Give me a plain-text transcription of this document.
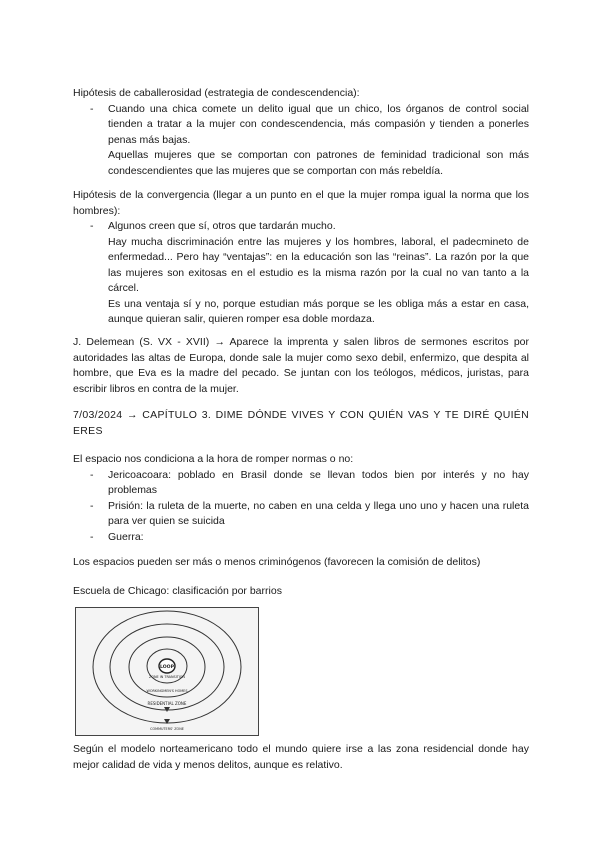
Hipótesis de caballerosidad (estrategia de condescendencia):

- Cuando una chica comete un delito igual que un chico, los órganos de control social tienden a tratar a la mujer con condescendencia, más compasión y tienden a ponerles penas más bajas.

Aquellas mujeres que se comportan con patrones de feminidad tradicional son más condescendientes que las mujeres que se comportan con más rebeldía.

Hipótesis de la convergencia (llegar a un punto en el que la mujer rompa igual la norma que los hombres):

- Algunos creen que sí, otros que tardarán mucho.

Hay mucha discriminación entre las mujeres y los hombres, laboral, el padecmineto de enfermedad... Pero hay “ventajas”: en la educación son las “reinas”. La razón por la que las mujeres son exitosas en el estudio es la misma razón por la cual no van tanto a la cárcel.

Es una ventaja sí y no, porque estudian más porque se les obliga más a estar en casa, aunque quieran salir, quieren romper esa doble mordaza.

J. Delemean (S. VX - XVII) → Aparece la imprenta y salen libros de sermones escritos por autoridades las altas de Europa, donde sale la mujer como sexo debil, enfermizo, que despita al hombre, que Eva es la madre del pecado. Se juntan con los teólogos, médicos, juristas, para escribir libros en contra de la mujer.

7/03/2024 → CAPÍTULO 3. DIME DÓNDE VIVES Y CON QUIÉN VAS Y TE DIRÉ QUIÉN ERES

El espacio nos condiciona a la hora de romper normas o no:

- Jericoacoara: poblado en Brasil donde se llevan todos bien por interés y no hay problemas

- Prisión: la ruleta de la muerte, no caben en una celda y llega uno uno y hacen una ruleta para ver quien se suicida

- Guerra:

Los espacios pueden ser más o menos criminógenos (favorecen la comisión de delitos)

Escuela de Chicago: clasificación por barrios

LOOP
ZONE IN TRANSITION
WORKINGMEN'S HOMES
RESIDENTIAL ZONE
COMMUTERS' ZONE

Según el modelo norteamericano todo el mundo quiere irse a las zona residencial donde hay mejor calidad de vida y menos delitos, aunque es relativo.
